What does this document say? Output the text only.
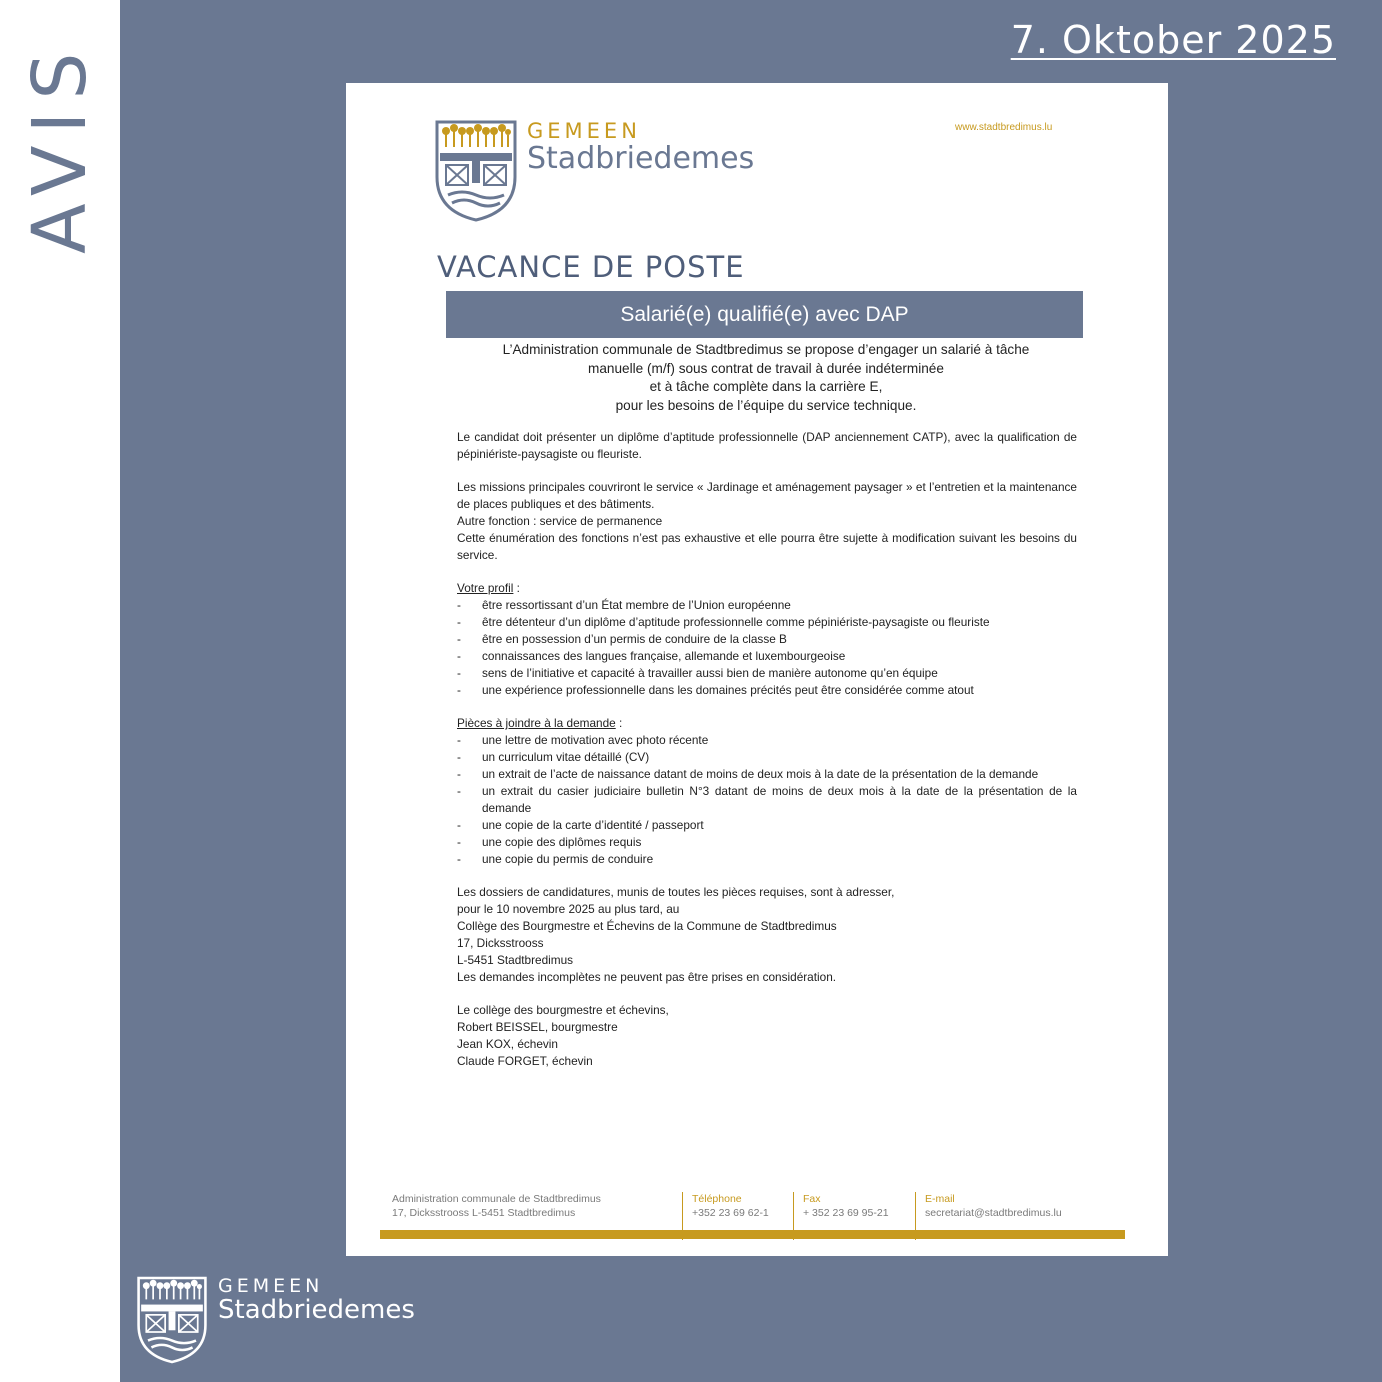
AVIS
7. Oktober 2025
GEMEEN
Stadbriedemes
www.stadtbredimus.lu
VACANCE DE POSTE
Salarié(e) qualifié(e) avec DAP
L’Administration communale de Stadtbredimus se propose d’engager un salarié à tâche
manuelle (m/f) sous contrat de travail à durée indéterminée
et à tâche complète dans la carrière E,
pour les besoins de l’équipe du service technique.

Le candidat doit présenter un diplôme d’aptitude professionnelle (DAP anciennement CATP), avec la qualification de pépiniériste-paysagiste ou fleuriste.

Les missions principales couvriront le service « Jardinage et aménagement paysager » et l’entretien et la maintenance de places publiques et des bâtiments.

Autre fonction : service de permanence

Cette énumération des fonctions n’est pas exhaustive et elle pourra être sujette à modification suivant les besoins du service.

Votre profil :

- être ressortissant d’un État membre de l’Union européenne
- être détenteur d’un diplôme d’aptitude professionnelle comme pépiniériste-paysagiste ou fleuriste
- être en possession d’un permis de conduire de la classe B
- connaissances des langues française, allemande et luxembourgeoise
- sens de l’initiative et capacité à travailler aussi bien de manière autonome qu’en équipe
- une expérience professionnelle dans les domaines précités peut être considérée comme atout

Pièces à joindre à la demande :

- une lettre de motivation avec photo récente
- un curriculum vitae détaillé (CV)
- un extrait de l’acte de naissance datant de moins de deux mois à la date de la présentation de la demande
- un extrait du casier judiciaire bulletin N°3 datant de moins de deux mois à la date de la présentation de la demande
- une copie de la carte d’identité / passeport
- une copie des diplômes requis
- une copie du permis de conduire

Les dossiers de candidatures, munis de toutes les pièces requises, sont à adresser,

pour le 10 novembre 2025 au plus tard, au

Collège des Bourgmestre et Échevins de la Commune de Stadtbredimus

17, Dicksstrooss

L-5451 Stadtbredimus

Les demandes incomplètes ne peuvent pas être prises en considération.

Le collège des bourgmestre et échevins,

Robert BEISSEL, bourgmestre

Jean KOX, échevin

Claude FORGET, échevin

Administration communale de Stadtbredimus
17, Dicksstrooss L-5451 Stadtbredimus
Téléphone
+352 23 69 62-1
Fax
+ 352 23 69 95-21
E-mail
secretariat@stadtbredimus.lu
GEMEEN
Stadbriedemes
